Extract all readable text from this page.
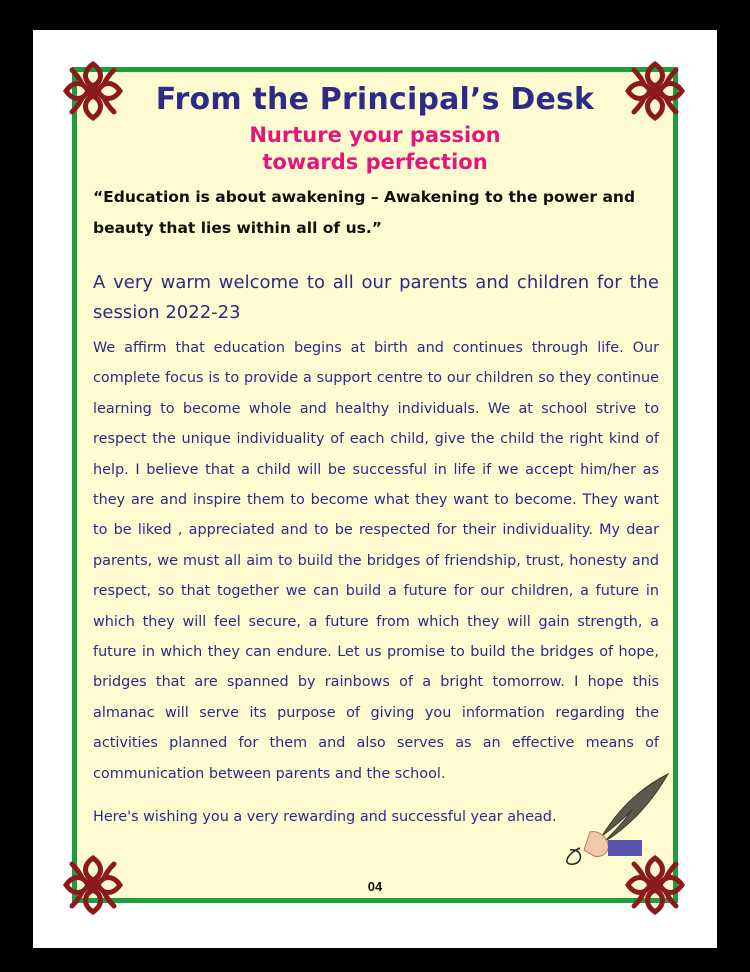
From the Principal’s Desk
Nurture your passion
towards perfection
“Education is about awakening – Awakening to the power and beauty that lies within all of us.”
A very warm welcome to all our parents and children for the session 2022-23
We affirm that education begins at birth and continues through life. Our complete focus is to provide a support centre to our children so they continue learning to become whole and healthy individuals. We at school strive to respect the unique individuality of each child, give the child the right kind of help. I believe that a child will be successful in life if we accept him/her as they are and inspire them to become what they want to become. They want to be liked , appreciated and to be respected for their individuality. My dear parents, we must all aim to build the bridges of friendship, trust, honesty and respect, so that together we can build a future for our children, a future in which they will feel secure, a future from which they will gain strength, a future in which they can endure. Let us promise to build the bridges of hope, bridges that are spanned by rainbows of a bright tomorrow. I hope this almanac will serve its purpose of giving you information regarding the activities planned for them and also serves as an effective means of communication between parents and the school.
Here's wishing you a very rewarding and successful year ahead.
04
